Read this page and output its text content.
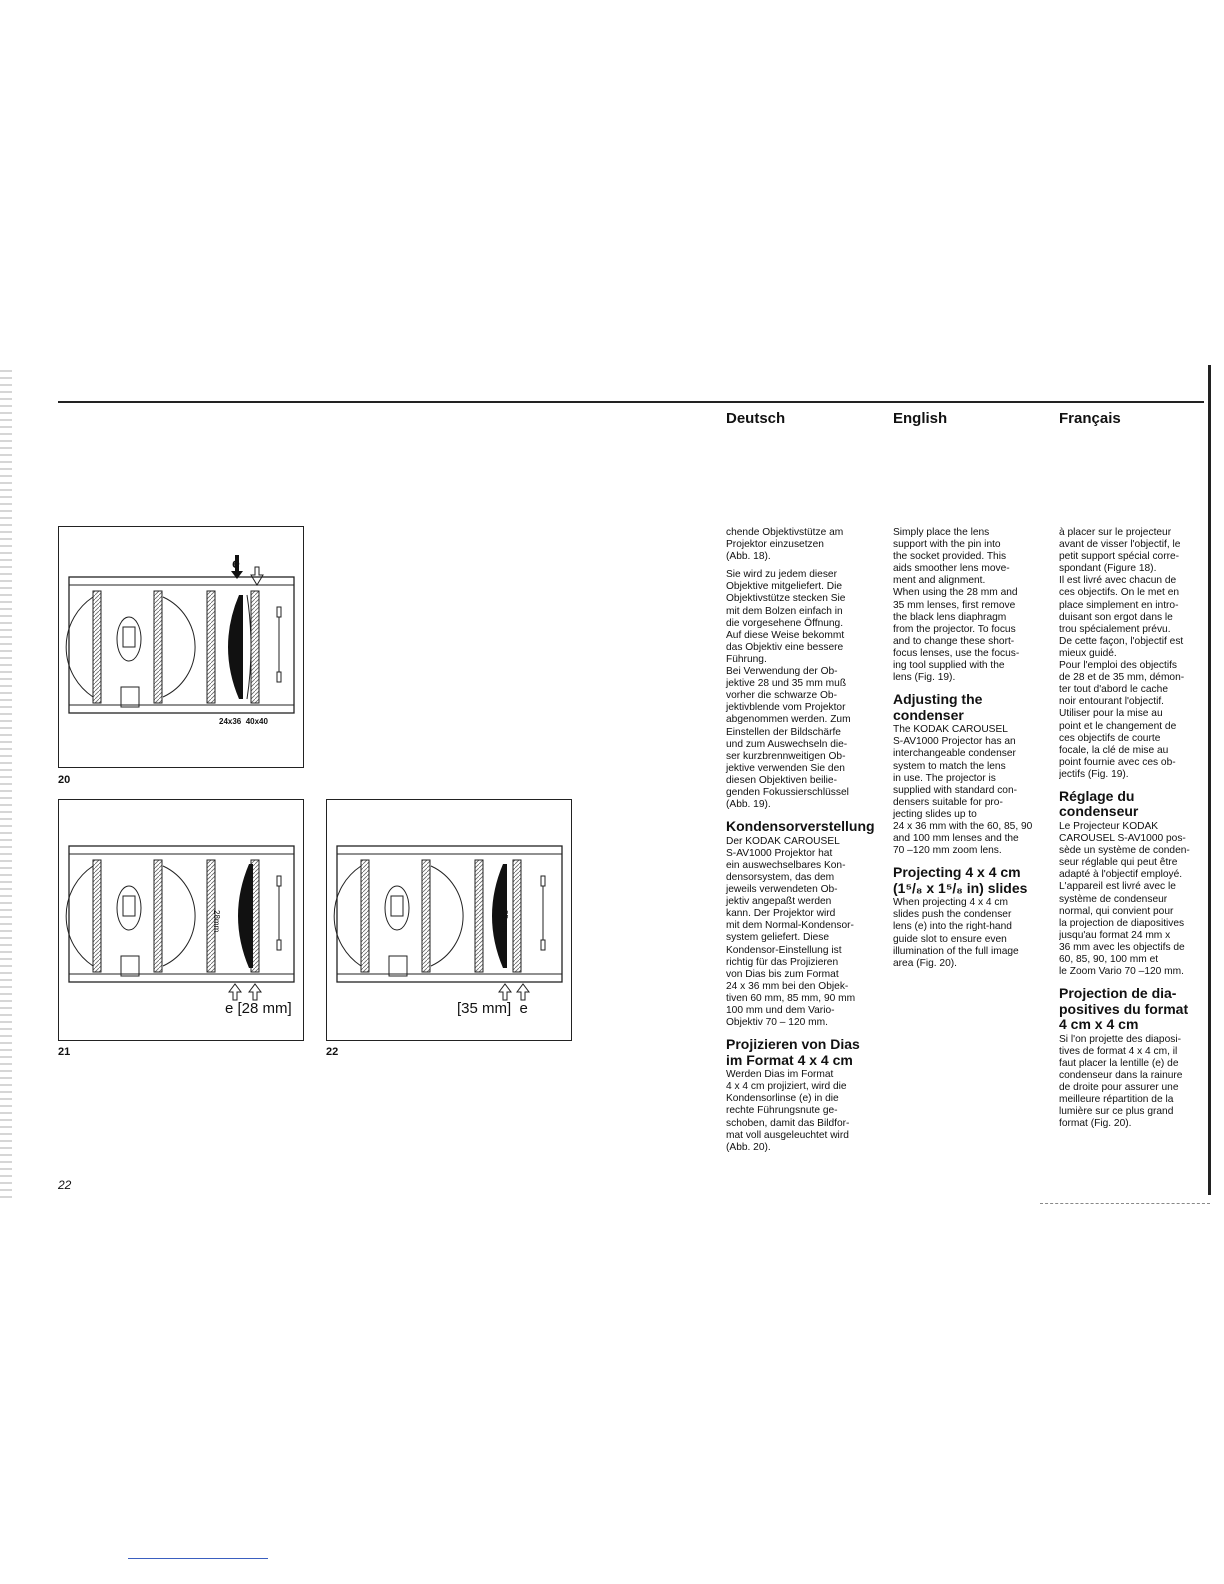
Deutsch	English	Français
e
24x36  40x40
20
28mm
e [28 mm]
21
35mm
[35 mm]  e
22

chende Objektivstütze am
Projektor einzusetzen
(Abb. 18).

Sie wird zu jedem dieser
Objektive mitgeliefert. Die
Objektivstütze stecken Sie
mit dem Bolzen einfach in
die vorgesehene Öffnung.
Auf diese Weise bekommt
das Objektiv eine bessere
Führung.
Bei Verwendung der Ob-
jektive 28 und 35 mm muß
vorher die schwarze Ob-
jektivblende vom Projektor
abgenommen werden. Zum
Einstellen der Bildschärfe
und zum Auswechseln die-
ser kurzbrennweitigen Ob-
jektive verwenden Sie den
diesen Objektiven beilie-
genden Fokussierschlüssel
(Abb. 19).

Kondensorverstellung

Der KODAK CAROUSEL
S-AV1000 Projektor hat
ein auswechselbares Kon-
densorsystem, das dem
jeweils verwendeten Ob-
jektiv angepaßt werden
kann. Der Projektor wird
mit dem Normal-Kondensor-
system geliefert. Diese
Kondensor-Einstellung ist
richtig für das Projizieren
von Dias bis zum Format
24 x 36 mm bei den Objek-
tiven 60 mm, 85 mm, 90 mm
100 mm und dem Vario-
Objektiv 70 – 120 mm.

Projizieren von Dias
im Format 4 x 4 cm

Werden Dias im Format
4 x 4 cm projiziert, wird die
Kondensorlinse (e) in die
rechte Führungsnute ge-
schoben, damit das Bildfor-
mat voll ausgeleuchtet wird
(Abb. 20).

Simply place the lens
support with the pin into
the socket provided. This
aids smoother lens move-
ment and alignment.
When using the 28 mm and
35 mm lenses, first remove
the black lens diaphragm
from the projector. To focus
and to change these short-
focus lenses, use the focus-
ing tool supplied with the
lens (Fig. 19).

Adjusting the
condenser

The KODAK CAROUSEL
S-AV1000 Projector has an
interchangeable condenser
system to match the lens
in use. The projector is
supplied with standard con-
densers suitable for pro-
jecting slides up to
24 x 36 mm with the 60, 85, 90
and 100 mm lenses and the
70 –120 mm zoom lens.

Projecting 4 x 4 cm
(1⁵/₈ x 1⁵/₈ in) slides

When projecting 4 x 4 cm
slides push the condenser
lens (e) into the right-hand
guide slot to ensure even
illumination of the full image
area (Fig. 20).

à placer sur le projecteur
avant de visser l'objectif, le
petit support spécial corre-
spondant (Figure 18).
Il est livré avec chacun de
ces objectifs. On le met en
place simplement en intro-
duisant son ergot dans le
trou spécialement prévu.
De cette façon, l'objectif est
mieux guidé.
Pour l'emploi des objectifs
de 28 et de 35 mm, démon-
ter tout d'abord le cache
noir entourant l'objectif.
Utiliser pour la mise au
point et le changement de
ces objectifs de courte
focale, la clé de mise au
point fournie avec ces ob-
jectifs (Fig. 19).

Réglage du
condenseur

Le Projecteur KODAK
CAROUSEL S-AV1000 pos-
sède un système de conden-
seur réglable qui peut être
adapté à l'objectif employé.
L'appareil est livré avec le
système de condenseur
normal, qui convient pour
la projection de diapositives
jusqu'au format 24 mm x
36 mm avec les objectifs de
60, 85, 90, 100 mm et
le Zoom Vario 70 –120 mm.

Projection de dia-
positives du format
4 cm x 4 cm

Si l'on projette des diaposi-
tives de format 4 x 4 cm, il
faut placer la lentille (e) de
condenseur dans la rainure
de droite pour assurer une
meilleure répartition de la
lumière sur ce plus grand
format (Fig. 20).

22
